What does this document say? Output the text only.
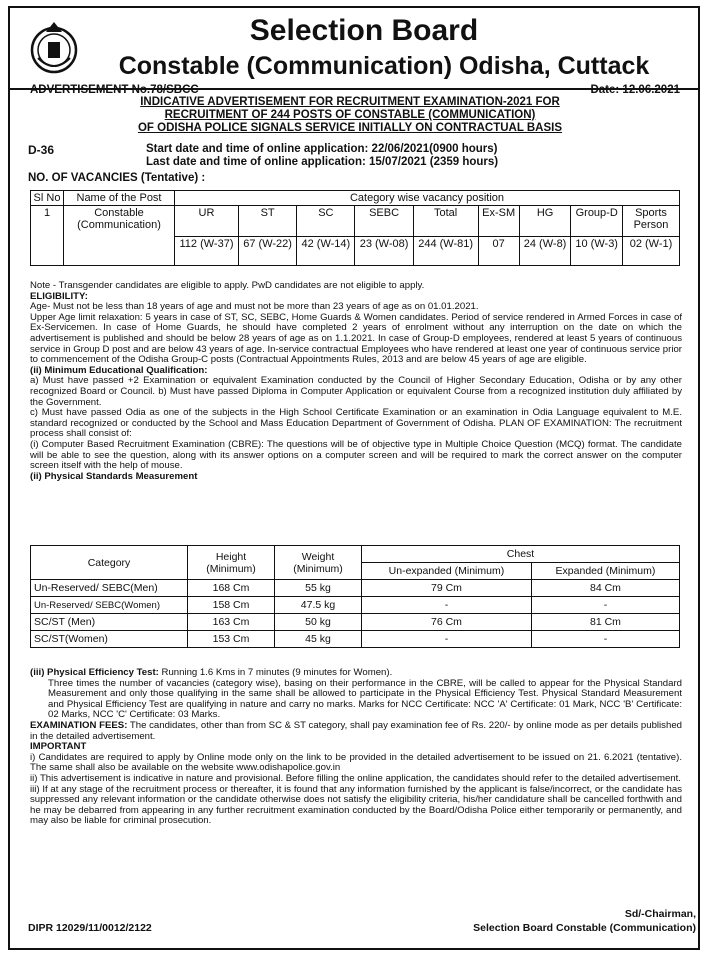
Selection Board
Constable (Communication) Odisha, Cuttack
ADVERTISEMENT No.78/SBCC	Date: 12.06.2021
INDICATIVE ADVERTISEMENT FOR RECRUITMENT EXAMINATION-2021 FOR
RECRUITMENT OF 244 POSTS OF CONSTABLE (COMMUNICATION)
OF ODISHA POLICE SIGNALS SERVICE INITIALLY ON CONTRACTUAL BASIS
D-36	Start date and time of online application: 22/06/2021(0900 hours)
Last date and time of online application: 15/07/2021 (2359 hours)
NO. OF VACANCIES (Tentative) :
Sl No	Name of the Post	Category wise vacancy position								
1	Constable (Communication)	UR	ST	SC	SEBC	Total	Ex-SM	HG	Group-D	Sports Person
		112 (W-37)	67 (W-22)	42 (W-14)	23 (W-08)	244 (W-81)	07	24 (W-8)	10 (W-3)	02 (W-1)

Note - Transgender candidates are eligible to apply. PwD candidates are not eligible to apply.

ELIGIBILITY:

Age- Must not be less than 18 years of age and must not be more than 23 years of age as on 01.01.2021.

Upper Age limit relaxation: 5 years in case of ST, SC, SEBC, Home Guards & Women candidates. Period of service rendered in Armed Forces in case of Ex-Servicemen. In case of Home Guards, he should have completed 2 years of enrolment without any interruption on the date on which the advertisement is published and should be below 28 years of age as on 1.1.2021. In case of Group-D employees, rendered at least 5 years of continuous service in Group D post and are below 43 years of age. In-service contractual Employees who have rendered at least one year of continuous service prior to commencement of the Odisha Group-C posts (Contractual Appointments Rules, 2013 and are below 45 years of age are eligible.

(ii) Minimum Educational Qualification:

a) Must have passed +2 Examination or equivalent Examination conducted by the Council of Higher Secondary Education, Odisha or by any other recognized Board or Council. b) Must have passed Diploma in Computer Application or equivalent Course from a recognized institution duly affiliated by the Government.

c) Must have passed Odia as one of the subjects in the High School Certificate Examination or an examination in Odia Language equivalent to M.E. standard recognized or conducted by the School and Mass Education Department of Government of Odisha. PLAN OF EXAMINATION: The recruitment process shall consist of:

(i) Computer Based Recruitment Examination (CBRE): The questions will be of objective type in Multiple Choice Question (MCQ) format. The candidate will be able to see the question, along with its answer options on a computer screen and will be required to mark the correct answer on the computer screen itself with the help of mouse.

(ii) Physical Standards Measurement

Category	Height (Minimum)	Weight (Minimum)	Chest	
			Un-expanded (Minimum)	Expanded (Minimum)
Un-Reserved/ SEBC(Men)	168 Cm	55 kg	79 Cm	84 Cm
Un-Reserved/ SEBC(Women)	158 Cm	47.5 kg	-	-
SC/ST (Men)	163 Cm	50 kg	76 Cm	81 Cm
SC/ST(Women)	153 Cm	45 kg	-	-

(iii) Physical Efficiency Test: Running 1.6 Kms in 7 minutes (9 minutes for Women).

Three times the number of vacancies (category wise), basing on their performance in the CBRE, will be called to appear for the Physical Standard Measurement and only those qualifying in the same shall be allowed to participate in the Physical Efficiency Test. Physical Standard Measurement and Physical Efficiency Test are qualifying in nature and carry no marks. Marks for NCC Certificate: NCC 'A' Certificate: 01 Mark, NCC 'B' Certificate: 02 Marks, NCC 'C' Certificate: 03 Marks.

EXAMINATION FEES: The candidates, other than from SC & ST category, shall pay examination fee of Rs. 220/- by online mode as per details published in the detailed advertisement.

IMPORTANT

i) Candidates are required to apply by Online mode only on the link to be provided in the detailed advertisement to be issued on 21. 6.2021 (tentative). The same shall also be available on the website www.odishapolice.gov.in

ii) This advertisement is indicative in nature and provisional. Before filling the online application, the candidates should refer to the detailed advertisement.

iii) If at any stage of the recruitment process or thereafter, it is found that any information furnished by the applicant is false/incorrect, or the candidate has suppressed any relevant information or the candidate otherwise does not satisfy the eligibility criteria, his/her candidature shall be cancelled forthwith and he may be debarred from appearing in any further recruitment examination conducted by the Board/Odisha Police either temporarily or permanently, and may also be liable for criminal prosecution.

Sd/-Chairman,
Selection Board Constable (Communication)
DIPR 12029/11/0012/2122
